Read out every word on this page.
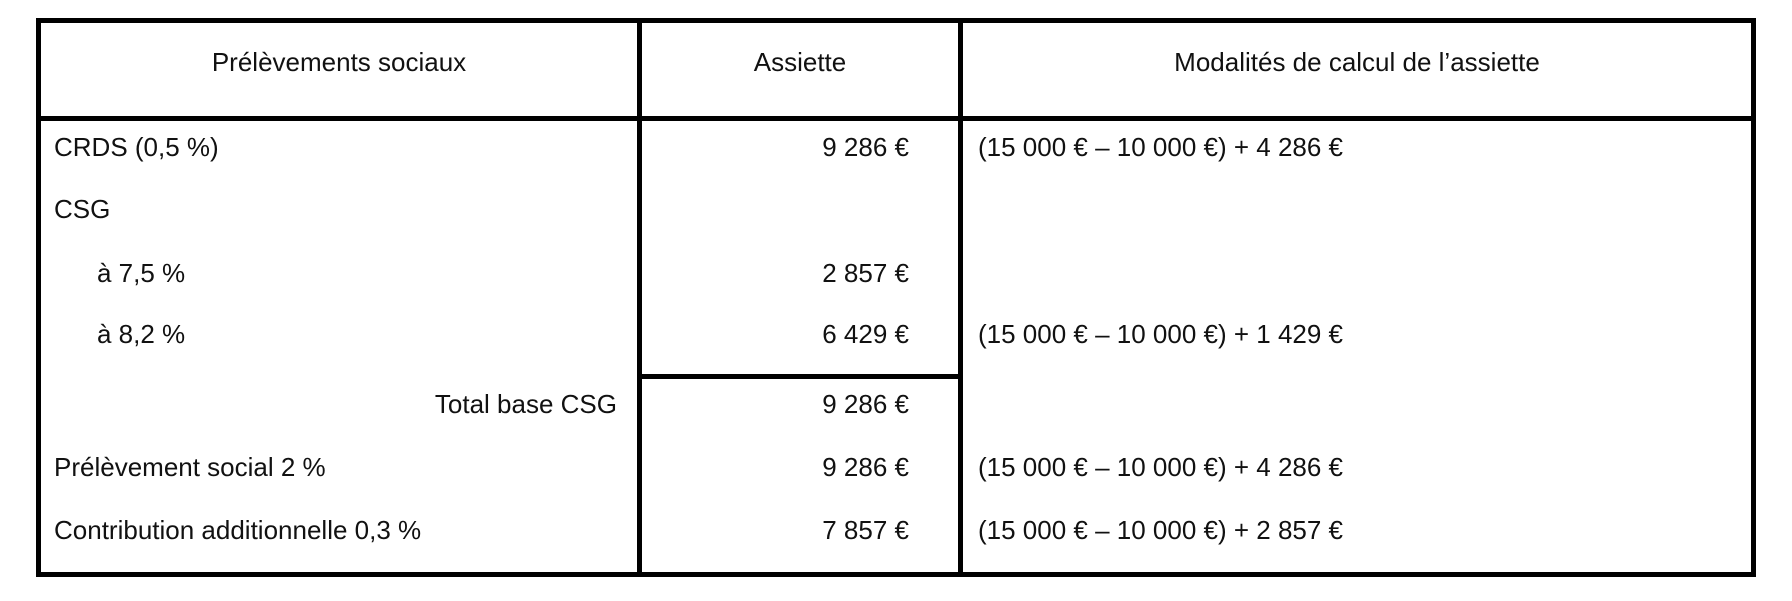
Prélèvements sociaux	Assiette	Modalités de calcul de l’assiette
CRDS (0,5 %)	9 286 €	(15 000 € – 10 000 €) + 4 286 €
CSG
à 7,5 %	2 857 €
à 8,2 %	6 429 €	(15 000 € – 10 000 €) + 1 429 €
Total base CSG	9 286 €
Prélèvement social 2 %	9 286 €	(15 000 € – 10 000 €) + 4 286 €
Contribution additionnelle 0,3 %	7 857 €	(15 000 € – 10 000 €) + 2 857 €
